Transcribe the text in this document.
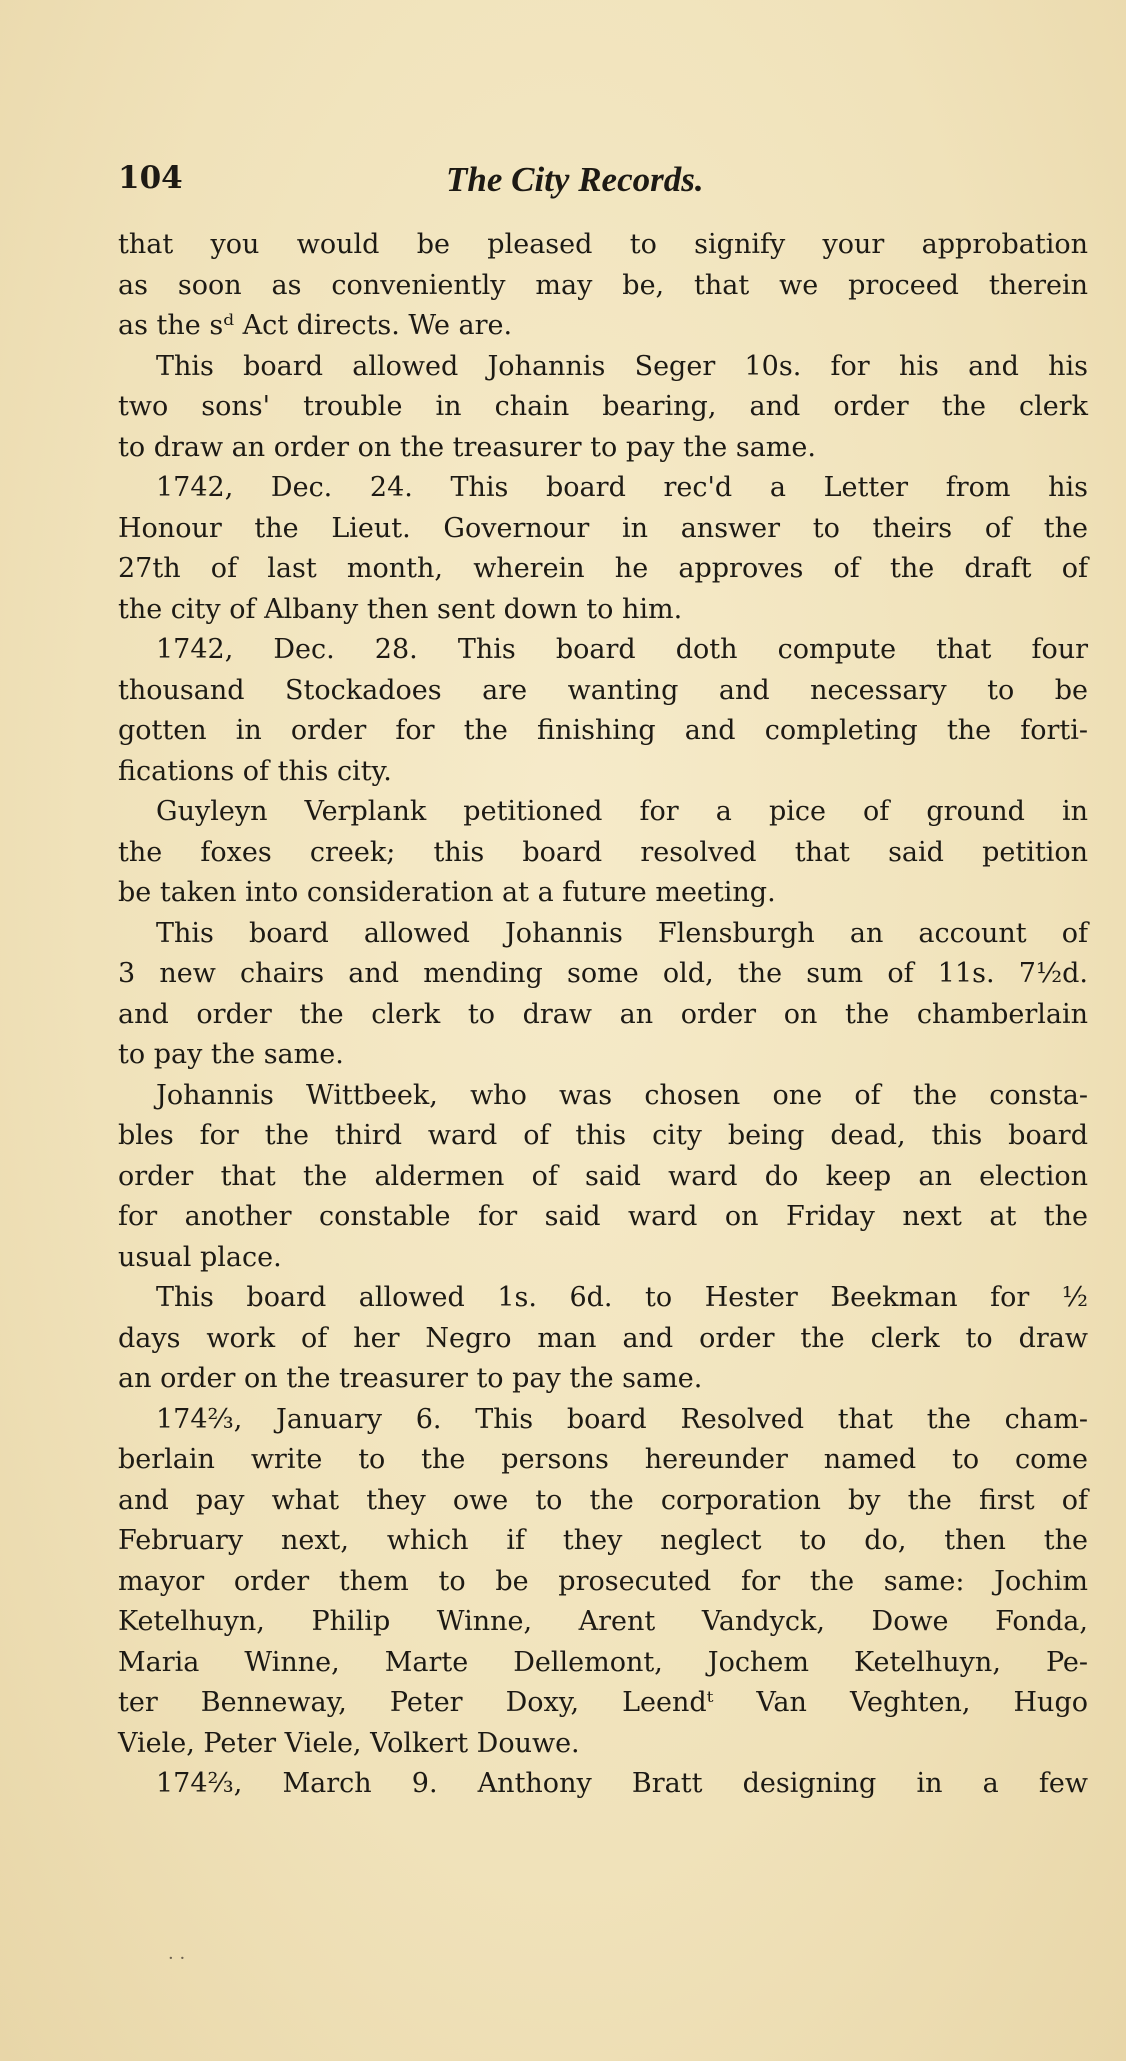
104	The City Records.
that you would be pleased to signify your approbation
as soon as conveniently may be, that we proceed therein
as the sᵈ Act directs. We are.
This board allowed Johannis Seger 10s. for his and his
two sons' trouble in chain bearing, and order the clerk
to draw an order on the treasurer to pay the same.
1742, Dec. 24. This board rec'd a Letter from his
Honour the Lieut. Governour in answer to theirs of the
27th of last month, wherein he approves of the draft of
the city of Albany then sent down to him.
1742, Dec. 28. This board doth compute that four
thousand Stockadoes are wanting and necessary to be
gotten in order for the finishing and completing the forti-
fications of this city.
Guyleyn Verplank petitioned for a pice of ground in
the foxes creek; this board resolved that said petition
be taken into consideration at a future meeting.
This board allowed Johannis Flensburgh an account of
3 new chairs and mending some old, the sum of 11s. 7½d.
and order the clerk to draw an order on the chamberlain
to pay the same.
Johannis Wittbeek, who was chosen one of the consta-
bles for the third ward of this city being dead, this board
order that the aldermen of said ward do keep an election
for another constable for said ward on Friday next at the
usual place.
This board allowed 1s. 6d. to Hester Beekman for ½
days work of her Negro man and order the clerk to draw
an order on the treasurer to pay the same.
174⅔, January 6. This board Resolved that the cham-
berlain write to the persons hereunder named to come
and pay what they owe to the corporation by the first of
February next, which if they neglect to do, then the
mayor order them to be prosecuted for the same: Jochim
Ketelhuyn, Philip Winne, Arent Vandyck, Dowe Fonda,
Maria Winne, Marte Dellemont, Jochem Ketelhuyn, Pe-
ter Benneway, Peter Doxy, Leendᵗ Van Veghten, Hugo
Viele, Peter Viele, Volkert Douwe.
174⅔, March 9. Anthony Bratt designing in a few
· ·
